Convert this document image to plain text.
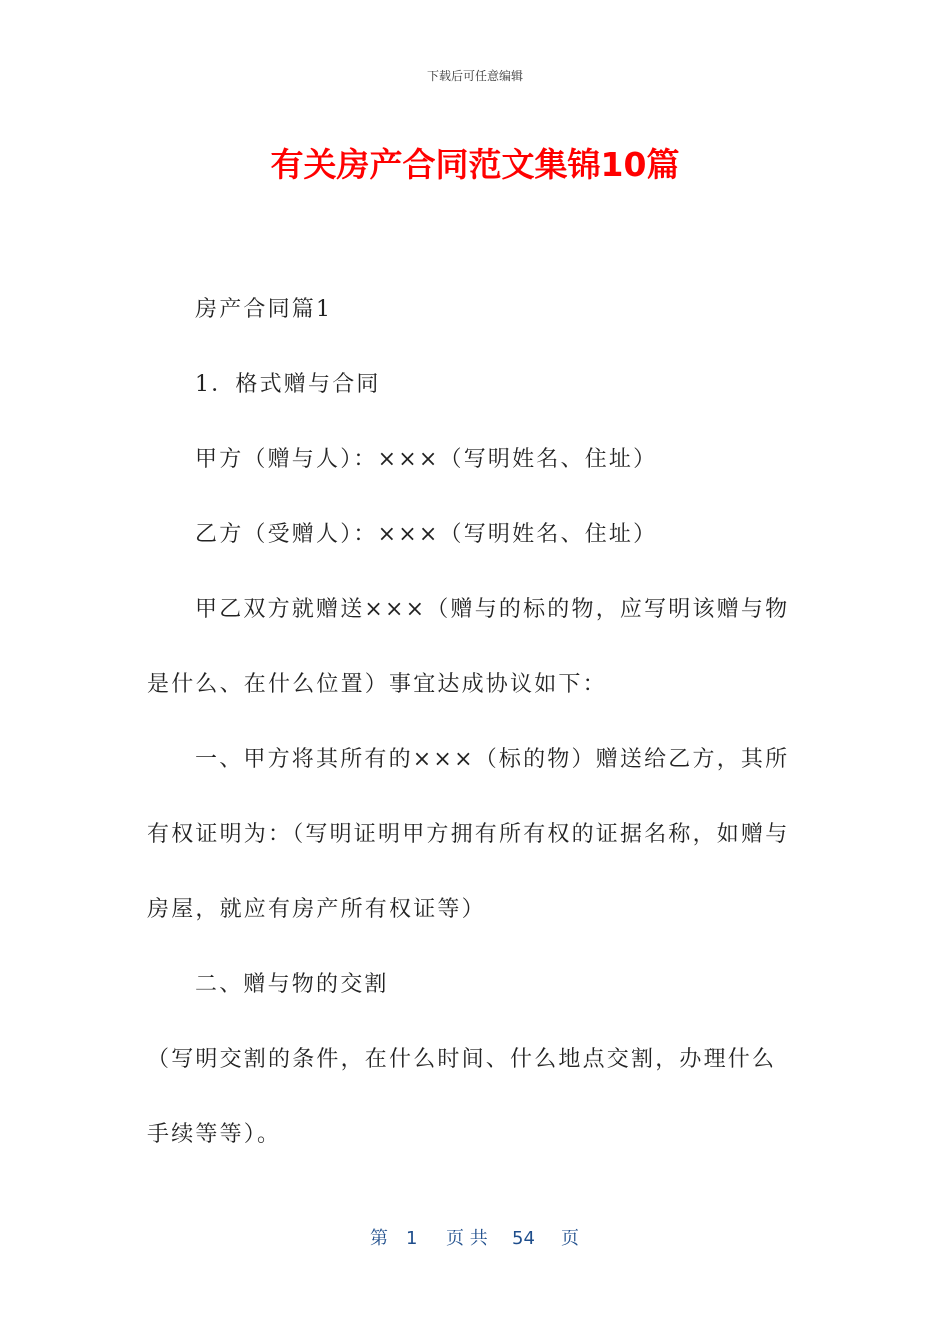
下载后可任意编辑
有关房产合同范文集锦10篇

房产合同篇1

1．格式赠与合同

甲方（赠与人）：×××（写明姓名、住址）

乙方（受赠人）：×××（写明姓名、住址）

甲乙双方就赠送×××（赠与的标的物，应写明该赠与物是什么、在什么位置）事宜达成协议如下：

一、甲方将其所有的×××（标的物）赠送给乙方，其所有权证明为：（写明证明甲方拥有所有权的证据名称，如赠与房屋，就应有房产所有权证等）

二、赠与物的交割

（写明交割的条件，在什么时间、什么地点交割，办理什么手续等等）。

第 1 页 共 54 页
